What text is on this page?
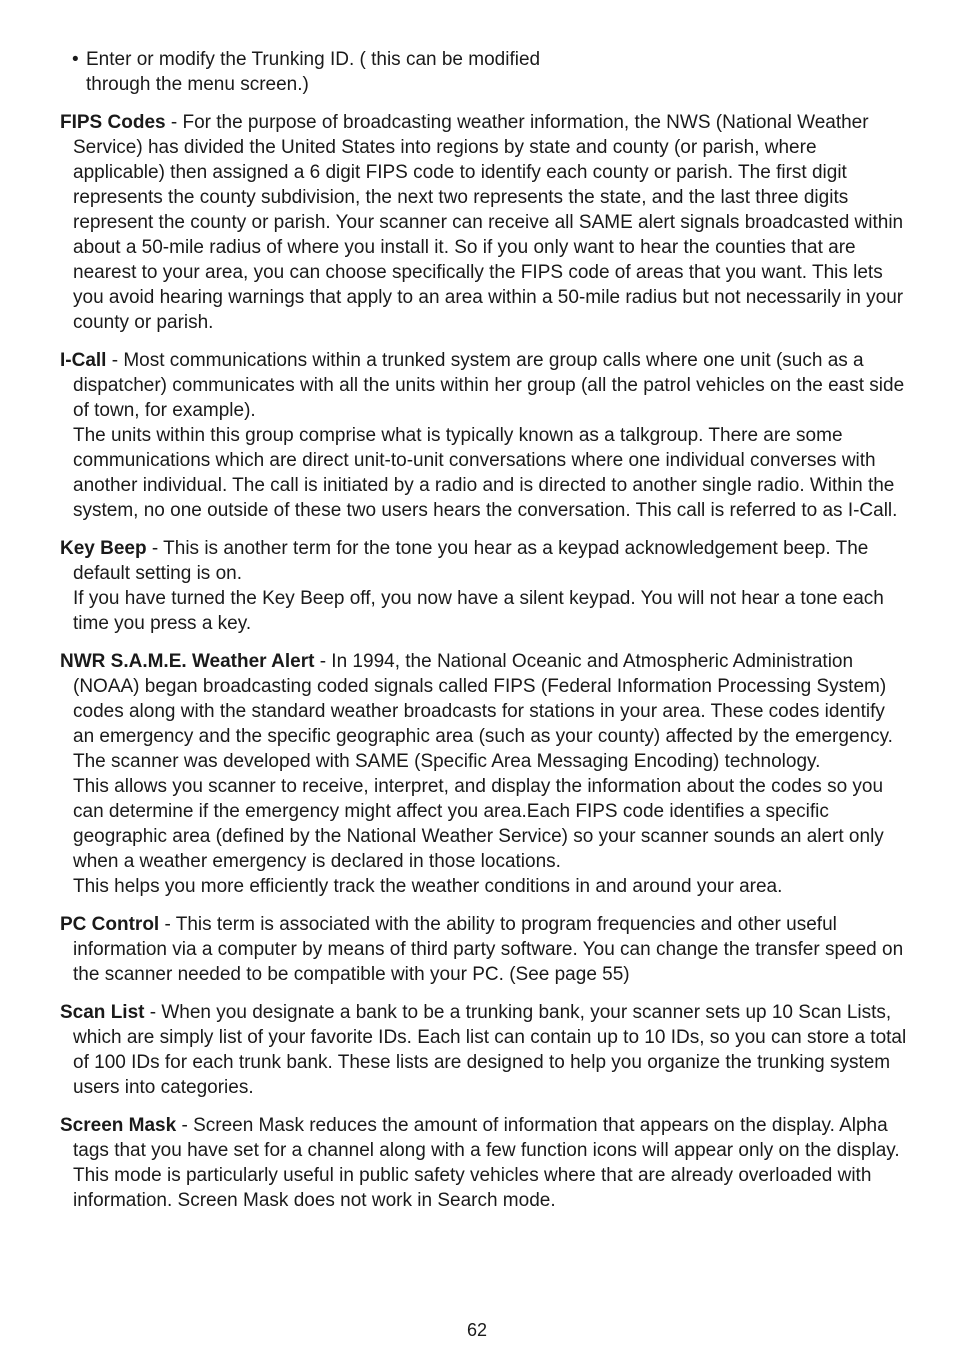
• Enter or modify the Trunking ID. ( this can be modified
through the menu screen.)

FIPS Codes - For the purpose of broadcasting weather information, the NWS (National Weather Service) has divided the United States into regions by state and county (or parish, where applicable) then assigned a 6 digit FIPS code to identify each county or parish. The first digit represents the county subdivision, the next two represents the state, and the last three digits represent the county or parish. Your scanner can receive all SAME alert signals broadcasted within about a 50-mile radius of where you install it. So if you only want to hear the counties that are nearest to your area, you can choose specifically the FIPS code of areas that you want. This lets you avoid hearing warnings that apply to an area within a 50-mile radius but not necessarily in your county or parish.

I-Call - Most communications within a trunked system are group calls where one unit (such as a dispatcher) communicates with all the units within her group (all the patrol vehicles on the east side of town, for example).
The units within this group comprise what is typically known as a talkgroup. There are some communications which are direct unit-to-unit conversations where one individual converses with another individual. The call is initiated by a radio and is directed to another single radio. Within the system, no one outside of these two users hears the conversation. This call is referred to as I-Call.

Key Beep - This is another term for the tone you hear as a keypad acknowledgement beep. The default setting is on.
If you have turned the Key Beep off, you now have a silent keypad. You will not hear a tone each time you press a key.

NWR S.A.M.E. Weather Alert - In 1994, the National Oceanic and Atmospheric Administration (NOAA) began broadcasting coded signals called FIPS (Federal Information Processing System) codes along with the standard weather broadcasts for stations in your area. These codes identify an emergency and the specific geographic area (such as your county) affected by the emergency. The scanner was developed with SAME (Specific Area Messaging Encoding) technology.
This allows you scanner to receive, interpret, and display the information about the codes so you can determine if the emergency might affect you area.Each FIPS code identifies a specific geographic area (defined by the National Weather Service) so your scanner sounds an alert only when a weather emergency is declared in those locations.
This helps you more efficiently track the weather conditions in and around your area.

PC Control - This term is associated with the ability to program frequencies and other useful information via a computer by means of third party software. You can change the transfer speed on the scanner needed to be compatible with your PC. (See page 55)

Scan List - When you designate a bank to be a trunking bank, your scanner sets up 10 Scan Lists, which are simply list of your favorite IDs. Each list can contain up to 10 IDs, so you can store a total of 100 IDs for each trunk bank. These lists are designed to help you organize the trunking system users into categories.

Screen Mask - Screen Mask reduces the amount of information that appears on the display. Alpha tags that you have set for a channel along with a few function icons will appear only on the display. This mode is particularly useful in public safety vehicles where that are already overloaded with information. Screen Mask does not work in Search mode.

62
